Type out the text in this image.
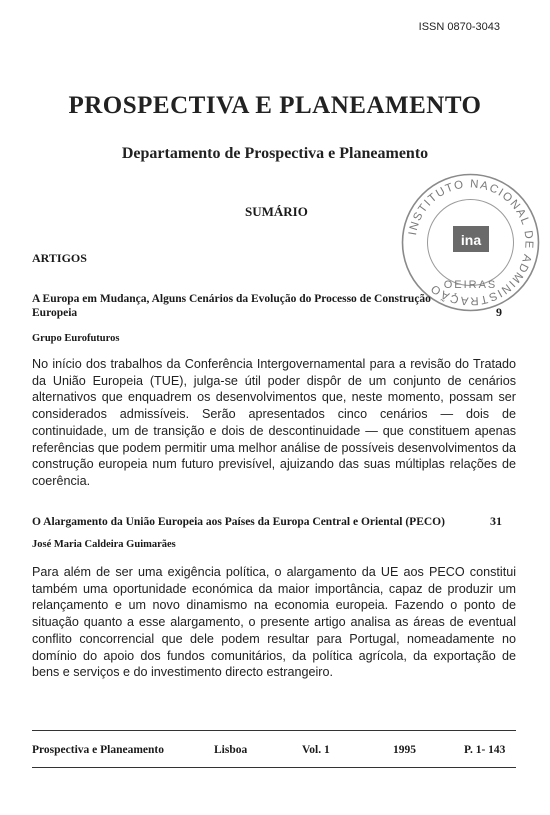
ISSN 0870-3043
PROSPECTIVA E PLANEAMENTO
Departamento de Prospectiva e Planeamento
SUMÁRIO
INSTITUTO NACIONAL DE ADMINISTRAÇÃO
ina
OEIRAS
ARTIGOS
A Europa em Mudança, Alguns Cenários da Evolução do Processo de Construção Europeia	9
Grupo Eurofuturos
No início dos trabalhos da Conferência Intergovernamental para a revisão do Tratado da União Europeia (TUE), julga-se útil poder dispôr de um conjunto de cenários alternativos que enquadrem os desenvolvimentos que, neste momento, possam ser considerados admissíveis. Serão apresentados cinco cenários — dois de continuidade, um de transição e dois de descontinuidade — que constituem apenas referências que podem permitir uma melhor análise de possíveis desenvolvimentos da construção europeia num futuro previsível, ajuizando das suas múltiplas relações de coerência.
O Alargamento da União Europeia aos Países da Europa Central e Oriental (PECO)	31
José Maria Caldeira Guimarães
Para além de ser uma exigência política, o alargamento da UE aos PECO constitui também uma oportunidade económica da maior importância, capaz de produzir um relançamento e um novo dinamismo na economia europeia. Fazendo o ponto de situação quanto a esse alargamento, o presente artigo analisa as áreas de eventual conflito concorrencial que dele podem resultar para Portugal, nomeadamente no domínio do apoio dos fundos comunitários, da política agrícola, da exportação de bens e serviços e do investimento directo estrangeiro.
Prospectiva e Planeamento	Lisboa	Vol. 1	1995	P. 1- 143
